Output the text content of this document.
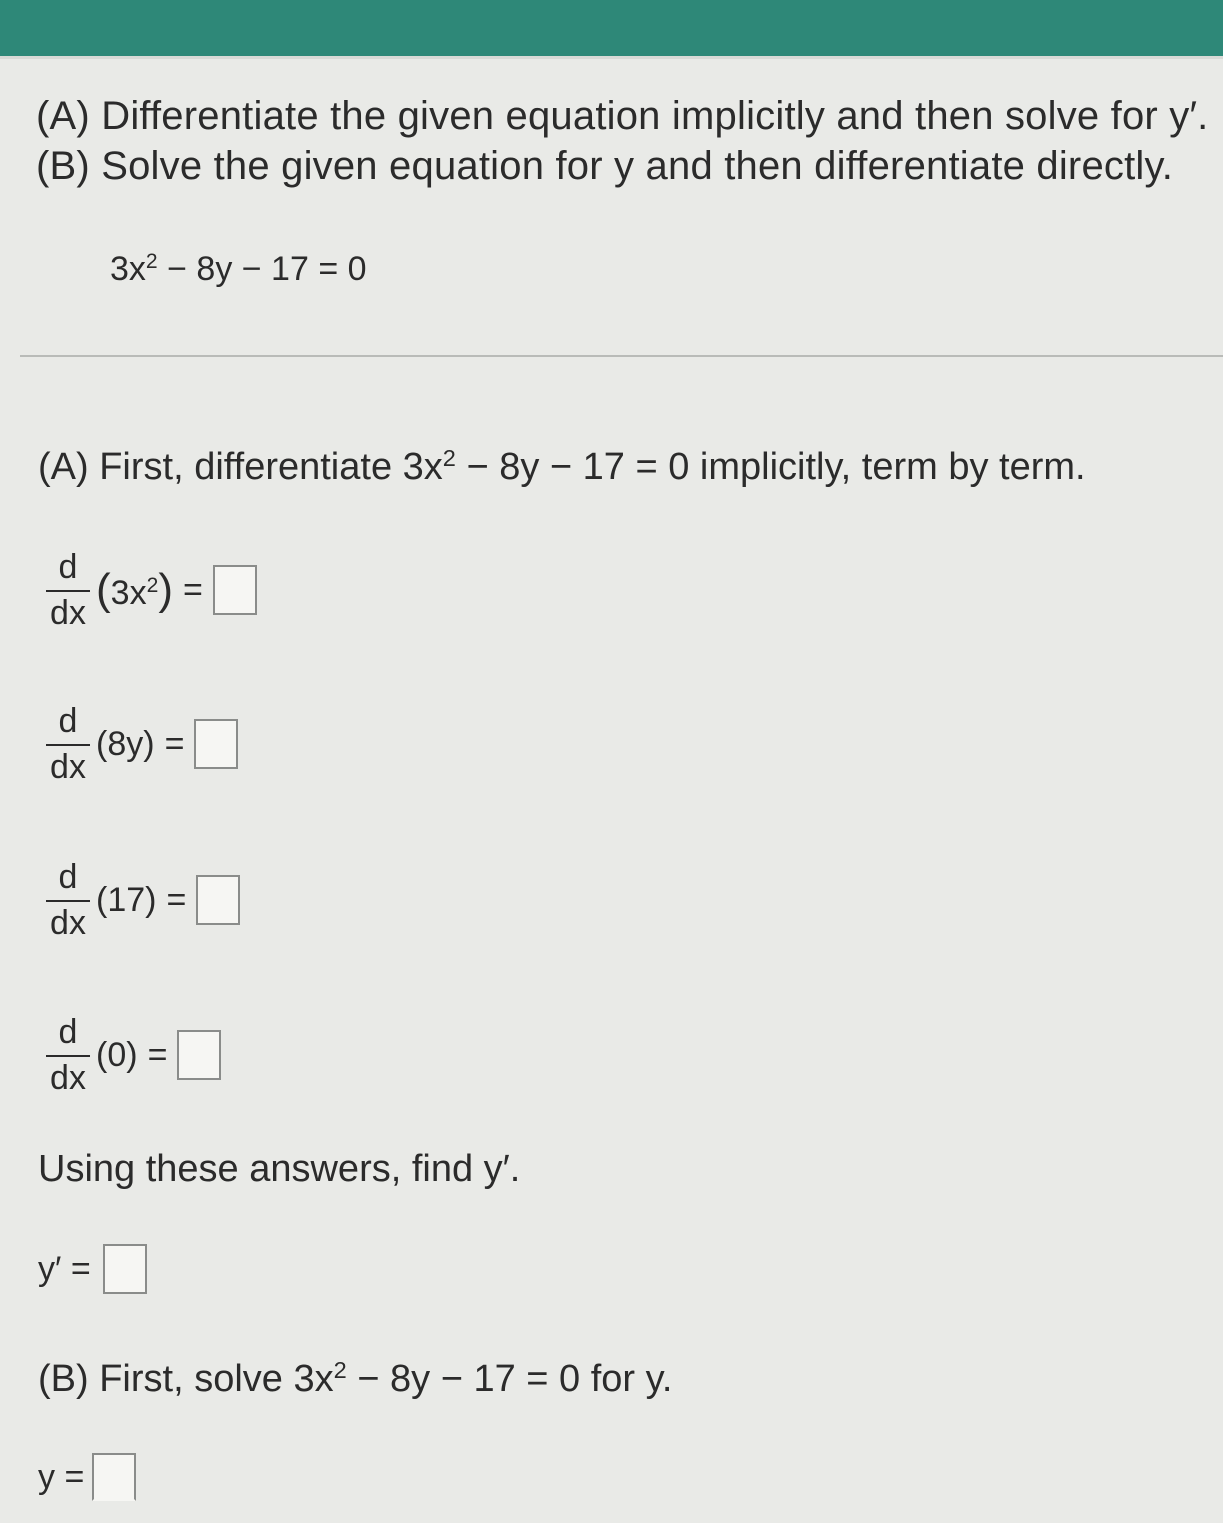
(A) Differentiate the given equation implicitly and then solve for y′.
(B) Solve the given equation for y and then differentiate directly.
$3x^2 - 8y - 17 = 0$
(A) First, differentiate $3x^2 - 8y - 17 = 0$ implicitly, term by term.
$\frac{d}{dx} (3x^2)$ =
$\frac{d}{dx} (8y)$ =
$\frac{d}{dx} (17)$ =
$\frac{d}{dx} (0)$ =
Using these answers, find y′.
y′ =
(B) First, solve $3x^2 - 8y - 17 = 0$ for y.
y =
